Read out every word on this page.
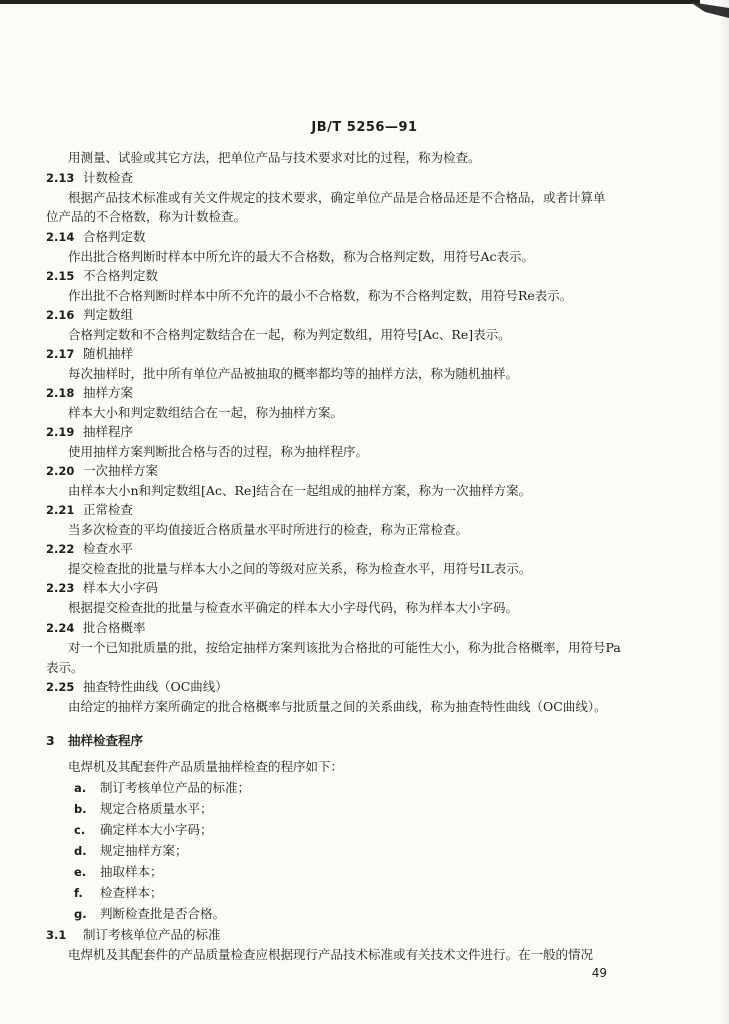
JB/T 5256—91
用测量、试验或其它方法，把单位产品与技术要求对比的过程，称为检查。
2.13 计数检查
根据产品技术标准或有关文件规定的技术要求，确定单位产品是合格品还是不合格品，或者计算单
位产品的不合格数，称为计数检查。
2.14 合格判定数
作出批合格判断时样本中所允许的最大不合格数，称为合格判定数，用符号Ac表示。
2.15 不合格判定数
作出批不合格判断时样本中所不允许的最小不合格数，称为不合格判定数，用符号Re表示。
2.16 判定数组
合格判定数和不合格判定数结合在一起，称为判定数组，用符号[Ac、Re]表示。
2.17 随机抽样
每次抽样时，批中所有单位产品被抽取的概率都均等的抽样方法，称为随机抽样。
2.18 抽样方案
样本大小和判定数组结合在一起，称为抽样方案。
2.19 抽样程序
使用抽样方案判断批合格与否的过程，称为抽样程序。
2.20 一次抽样方案
由样本大小n和判定数组[Ac、Re]结合在一起组成的抽样方案，称为一次抽样方案。
2.21 正常检查
当多次检查的平均值接近合格质量水平时所进行的检查，称为正常检查。
2.22 检查水平
提交检查批的批量与样本大小之间的等级对应关系，称为检查水平，用符号IL表示。
2.23 样本大小字码
根据提交检查批的批量与检查水平确定的样本大小字母代码，称为样本大小字码。
2.24 批合格概率
对一个已知批质量的批，按给定抽样方案判该批为合格批的可能性大小，称为批合格概率，用符号Pa
表示。
2.25 抽查特性曲线（OC曲线）
由给定的抽样方案所确定的批合格概率与批质量之间的关系曲线，称为抽查特性曲线（OC曲线）。
3 抽样检查程序
电焊机及其配套件产品质量抽样检查的程序如下：
a. 制订考核单位产品的标准；
b. 规定合格质量水平；
c. 确定样本大小字码；
d. 规定抽样方案；
e. 抽取样本；
f. 检查样本；
g. 判断检查批是否合格。
3.1 制订考核单位产品的标准
电焊机及其配套件的产品质量检查应根据现行产品技术标准或有关技术文件进行。在一般的情况
49
